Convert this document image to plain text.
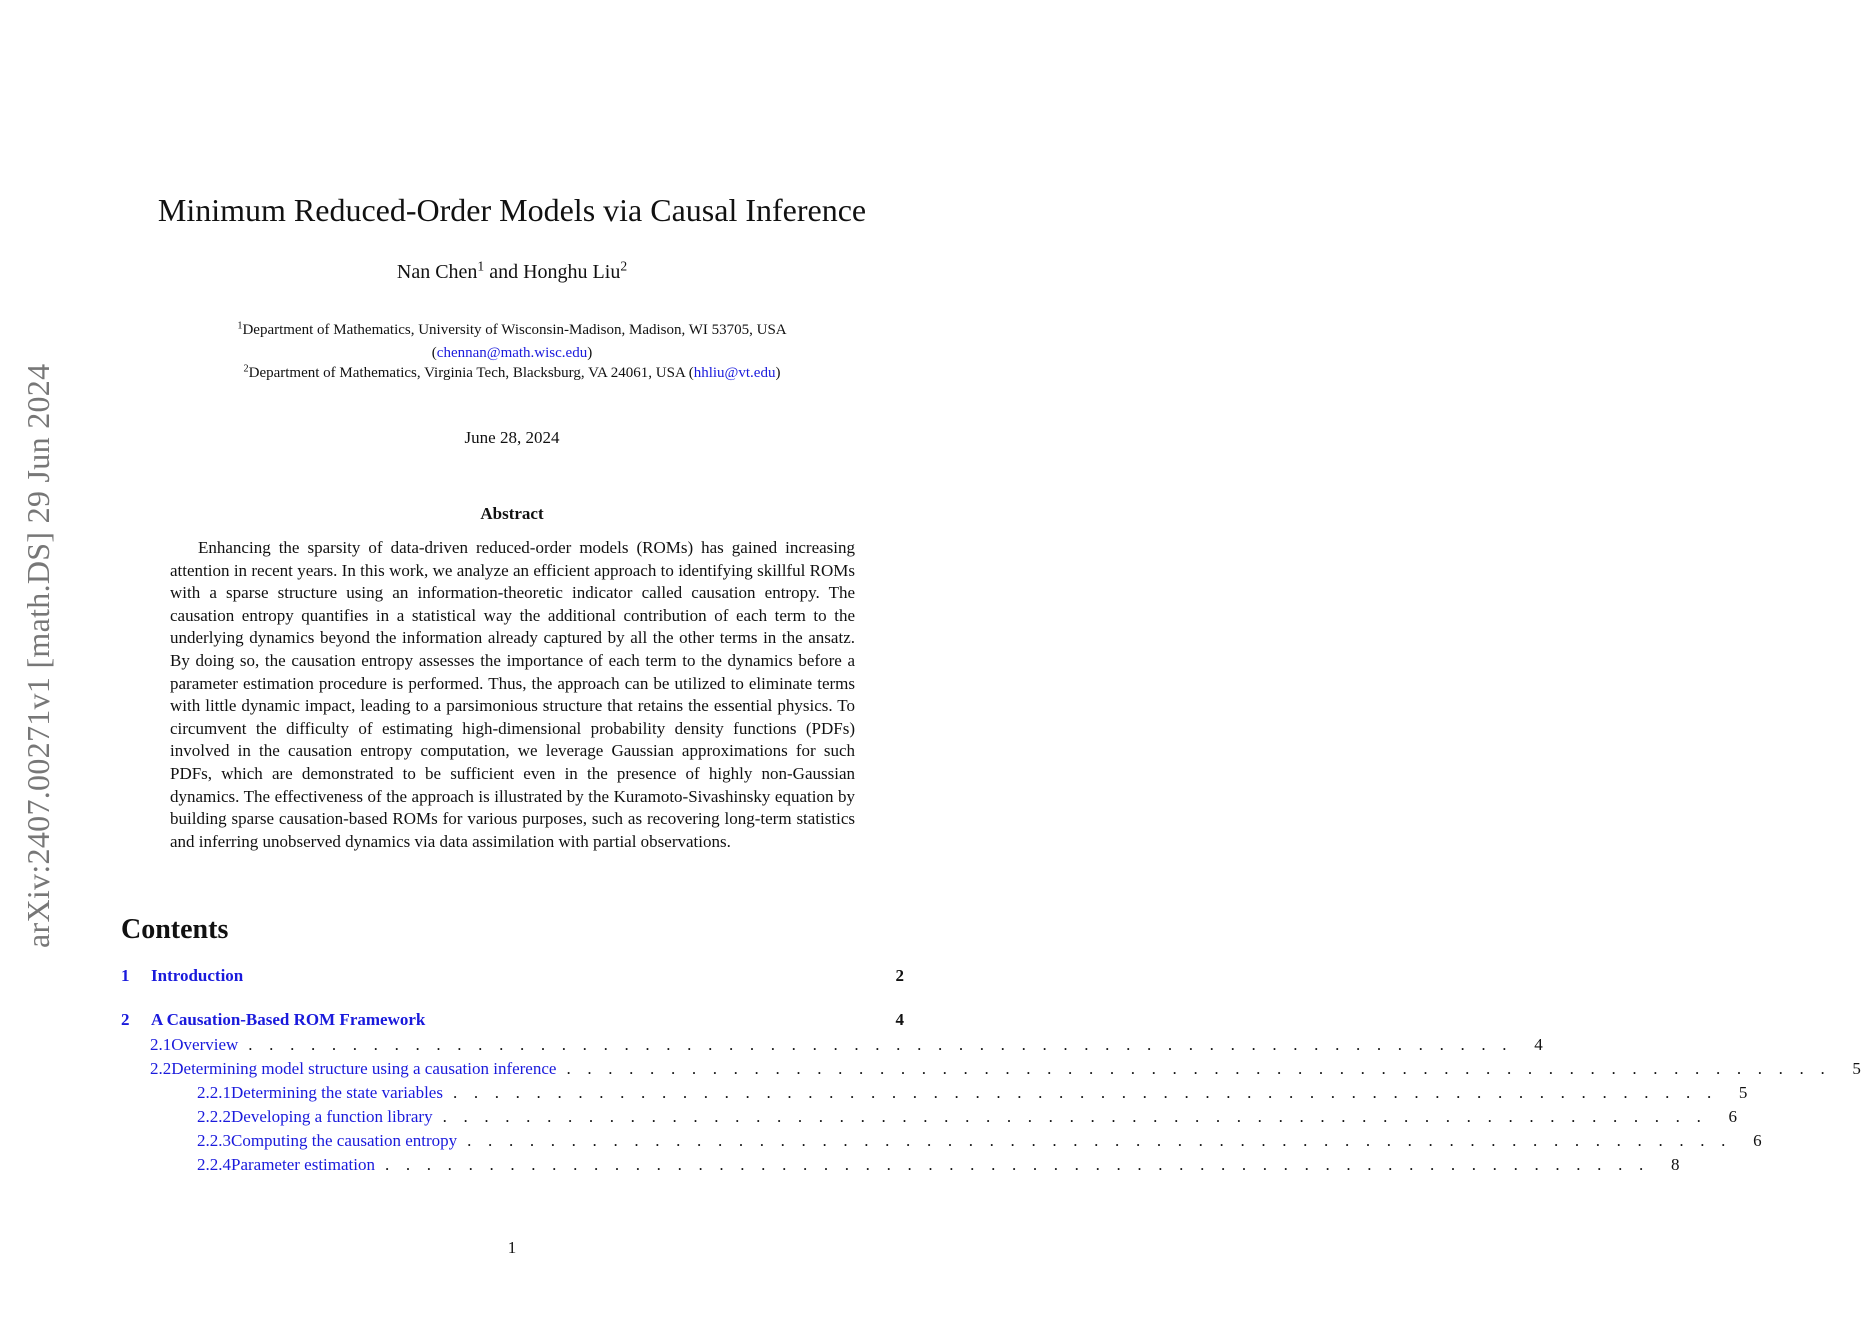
arXiv:2407.00271v1 [math.DS] 29 Jun 2024
Minimum Reduced-Order Models via Causal Inference
Nan Chen$^1$ and Honghu Liu$^2$
$^1$Department of Mathematics, University of Wisconsin-Madison, Madison, WI 53705, USA
(chennan@math.wisc.edu)
$^2$Department of Mathematics, Virginia Tech, Blacksburg, VA 24061, USA (hhliu@vt.edu)
June 28, 2024
Abstract

Enhancing the sparsity of data-driven reduced-order models (ROMs) has gained increasing attention in recent years. In this work, we analyze an efficient approach to identifying skillful ROMs with a sparse structure using an information-theoretic indicator called causation entropy. The causation entropy quantifies in a statistical way the additional contribution of each term to the underlying dynamics beyond the information already captured by all the other terms in the ansatz. By doing so, the causation entropy assesses the importance of each term to the dynamics before a parameter estimation procedure is performed. Thus, the approach can be utilized to eliminate terms with little dynamic impact, leading to a parsimonious structure that retains the essential physics. To circumvent the difficulty of estimating high-dimensional probability density functions (PDFs) involved in the causation entropy computation, we leverage Gaussian approximations for such PDFs, which are demonstrated to be sufficient even in the presence of highly non-Gaussian dynamics. The effectiveness of the approach is illustrated by the Kuramoto-Sivashinsky equation by building sparse causation-based ROMs for various purposes, such as recovering long-term statistics and inferring unobserved dynamics via data assimilation with partial observations.

Contents
1	Introduction	2
2	A Causation-Based ROM Framework	4
2.1 Overview . . . . . . . . . . . . . . . . . . . . . . . . . . . . . . . . . . . . . . . . . . . . . . . . . . . . . . . . . . . . .	4
2.2 Determining model structure using a causation inference . . . . . . . . . . . . . . . . . . . . . . . . . . . . . . . . . . . . . . . . . . . . . . . . . . . . . . . . . . . . .	5
2.2.1 Determining the state variables . . . . . . . . . . . . . . . . . . . . . . . . . . . . . . . . . . . . . . . . . . . . . . . . . . . . . . . . . . . . .	5
2.2.2 Developing a function library . . . . . . . . . . . . . . . . . . . . . . . . . . . . . . . . . . . . . . . . . . . . . . . . . . . . . . . . . . . . .	6
2.2.3 Computing the causation entropy . . . . . . . . . . . . . . . . . . . . . . . . . . . . . . . . . . . . . . . . . . . . . . . . . . . . . . . . . . . . .	6
2.2.4 Parameter estimation . . . . . . . . . . . . . . . . . . . . . . . . . . . . . . . . . . . . . . . . . . . . . . . . . . . . . . . . . . . . .	8
1
